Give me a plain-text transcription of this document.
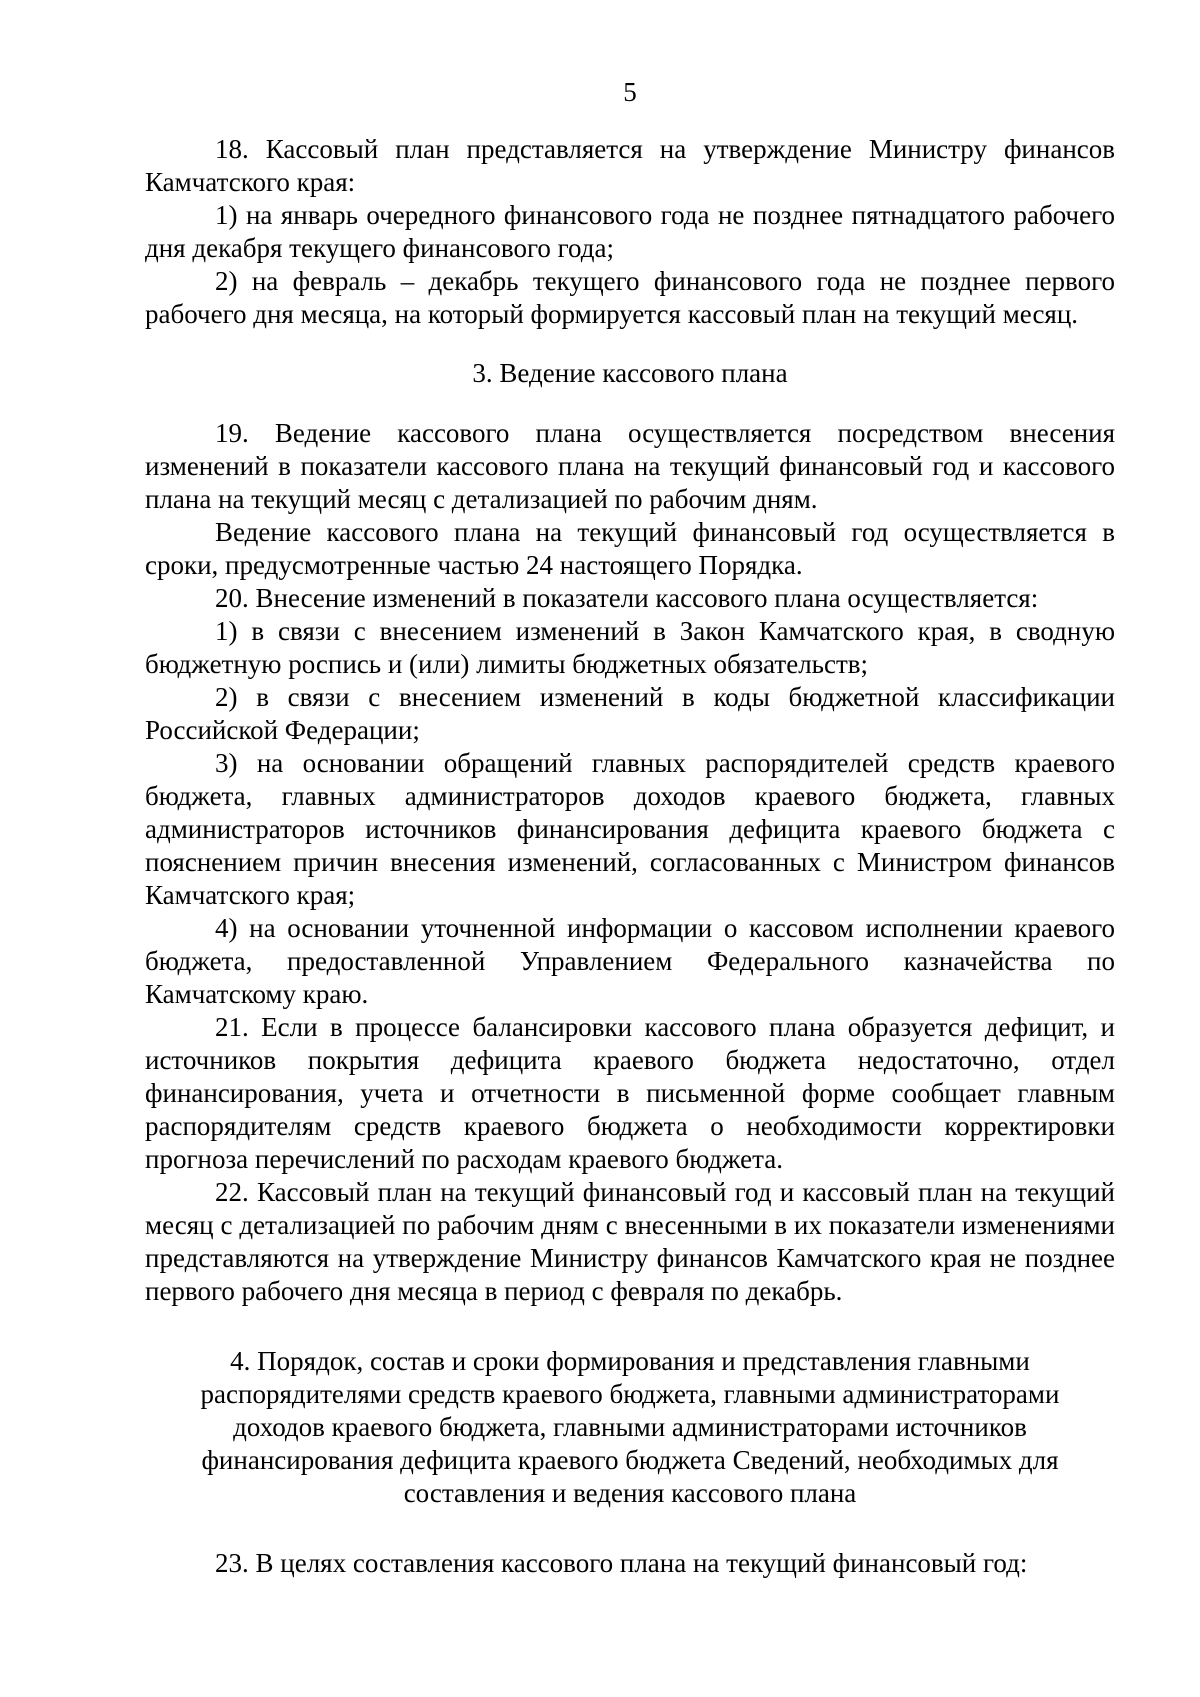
5

18. Кассовый план представляется на утверждение Министру финансов Камчатского края:

1) на январь очередного финансового года не позднее пятнадцатого рабочего дня декабря текущего финансового года;

2) на февраль – декабрь текущего финансового года не позднее первого рабочего дня месяца, на который формируется кассовый план на текущий месяц.

3. Ведение кассового плана

19. Ведение кассового плана осуществляется посредством внесения изменений в показатели кассового плана на текущий финансовый год и кассового плана на текущий месяц с детализацией по рабочим дням.

Ведение кассового плана на текущий финансовый год осуществляется в сроки, предусмотренные частью 24 настоящего Порядка.

20. Внесение изменений в показатели кассового плана осуществляется:

1) в связи с внесением изменений в Закон Камчатского края, в сводную бюджетную роспись и (или) лимиты бюджетных обязательств;

2) в связи с внесением изменений в коды бюджетной классификации Российской Федерации;

3) на основании обращений главных распорядителей средств краевого бюджета, главных администраторов доходов краевого бюджета, главных администраторов источников финансирования дефицита краевого бюджета с пояснением причин внесения изменений, согласованных с Министром финансов Камчатского края;

4) на основании уточненной информации о кассовом исполнении краевого бюджета, предоставленной Управлением Федерального казначейства по Камчатскому краю.

21. Если в процессе балансировки кассового плана образуется дефицит, и источников покрытия дефицита краевого бюджета недостаточно, отдел финансирования, учета и отчетности в письменной форме сообщает главным распорядителям средств краевого бюджета о необходимости корректировки прогноза перечислений по расходам краевого бюджета.

22. Кассовый план на текущий финансовый год и кассовый план на текущий месяц с детализацией по рабочим дням с внесенными в их показатели изменениями представляются на утверждение Министру финансов Камчатского края не позднее первого рабочего дня месяца в период с февраля по декабрь.

4. Порядок, состав и сроки формирования и представления главными распорядителями средств краевого бюджета, главными администраторами доходов краевого бюджета, главными администраторами источников финансирования дефицита краевого бюджета Сведений, необходимых для составления и ведения кассового плана

23. В целях составления кассового плана на текущий финансовый год:
